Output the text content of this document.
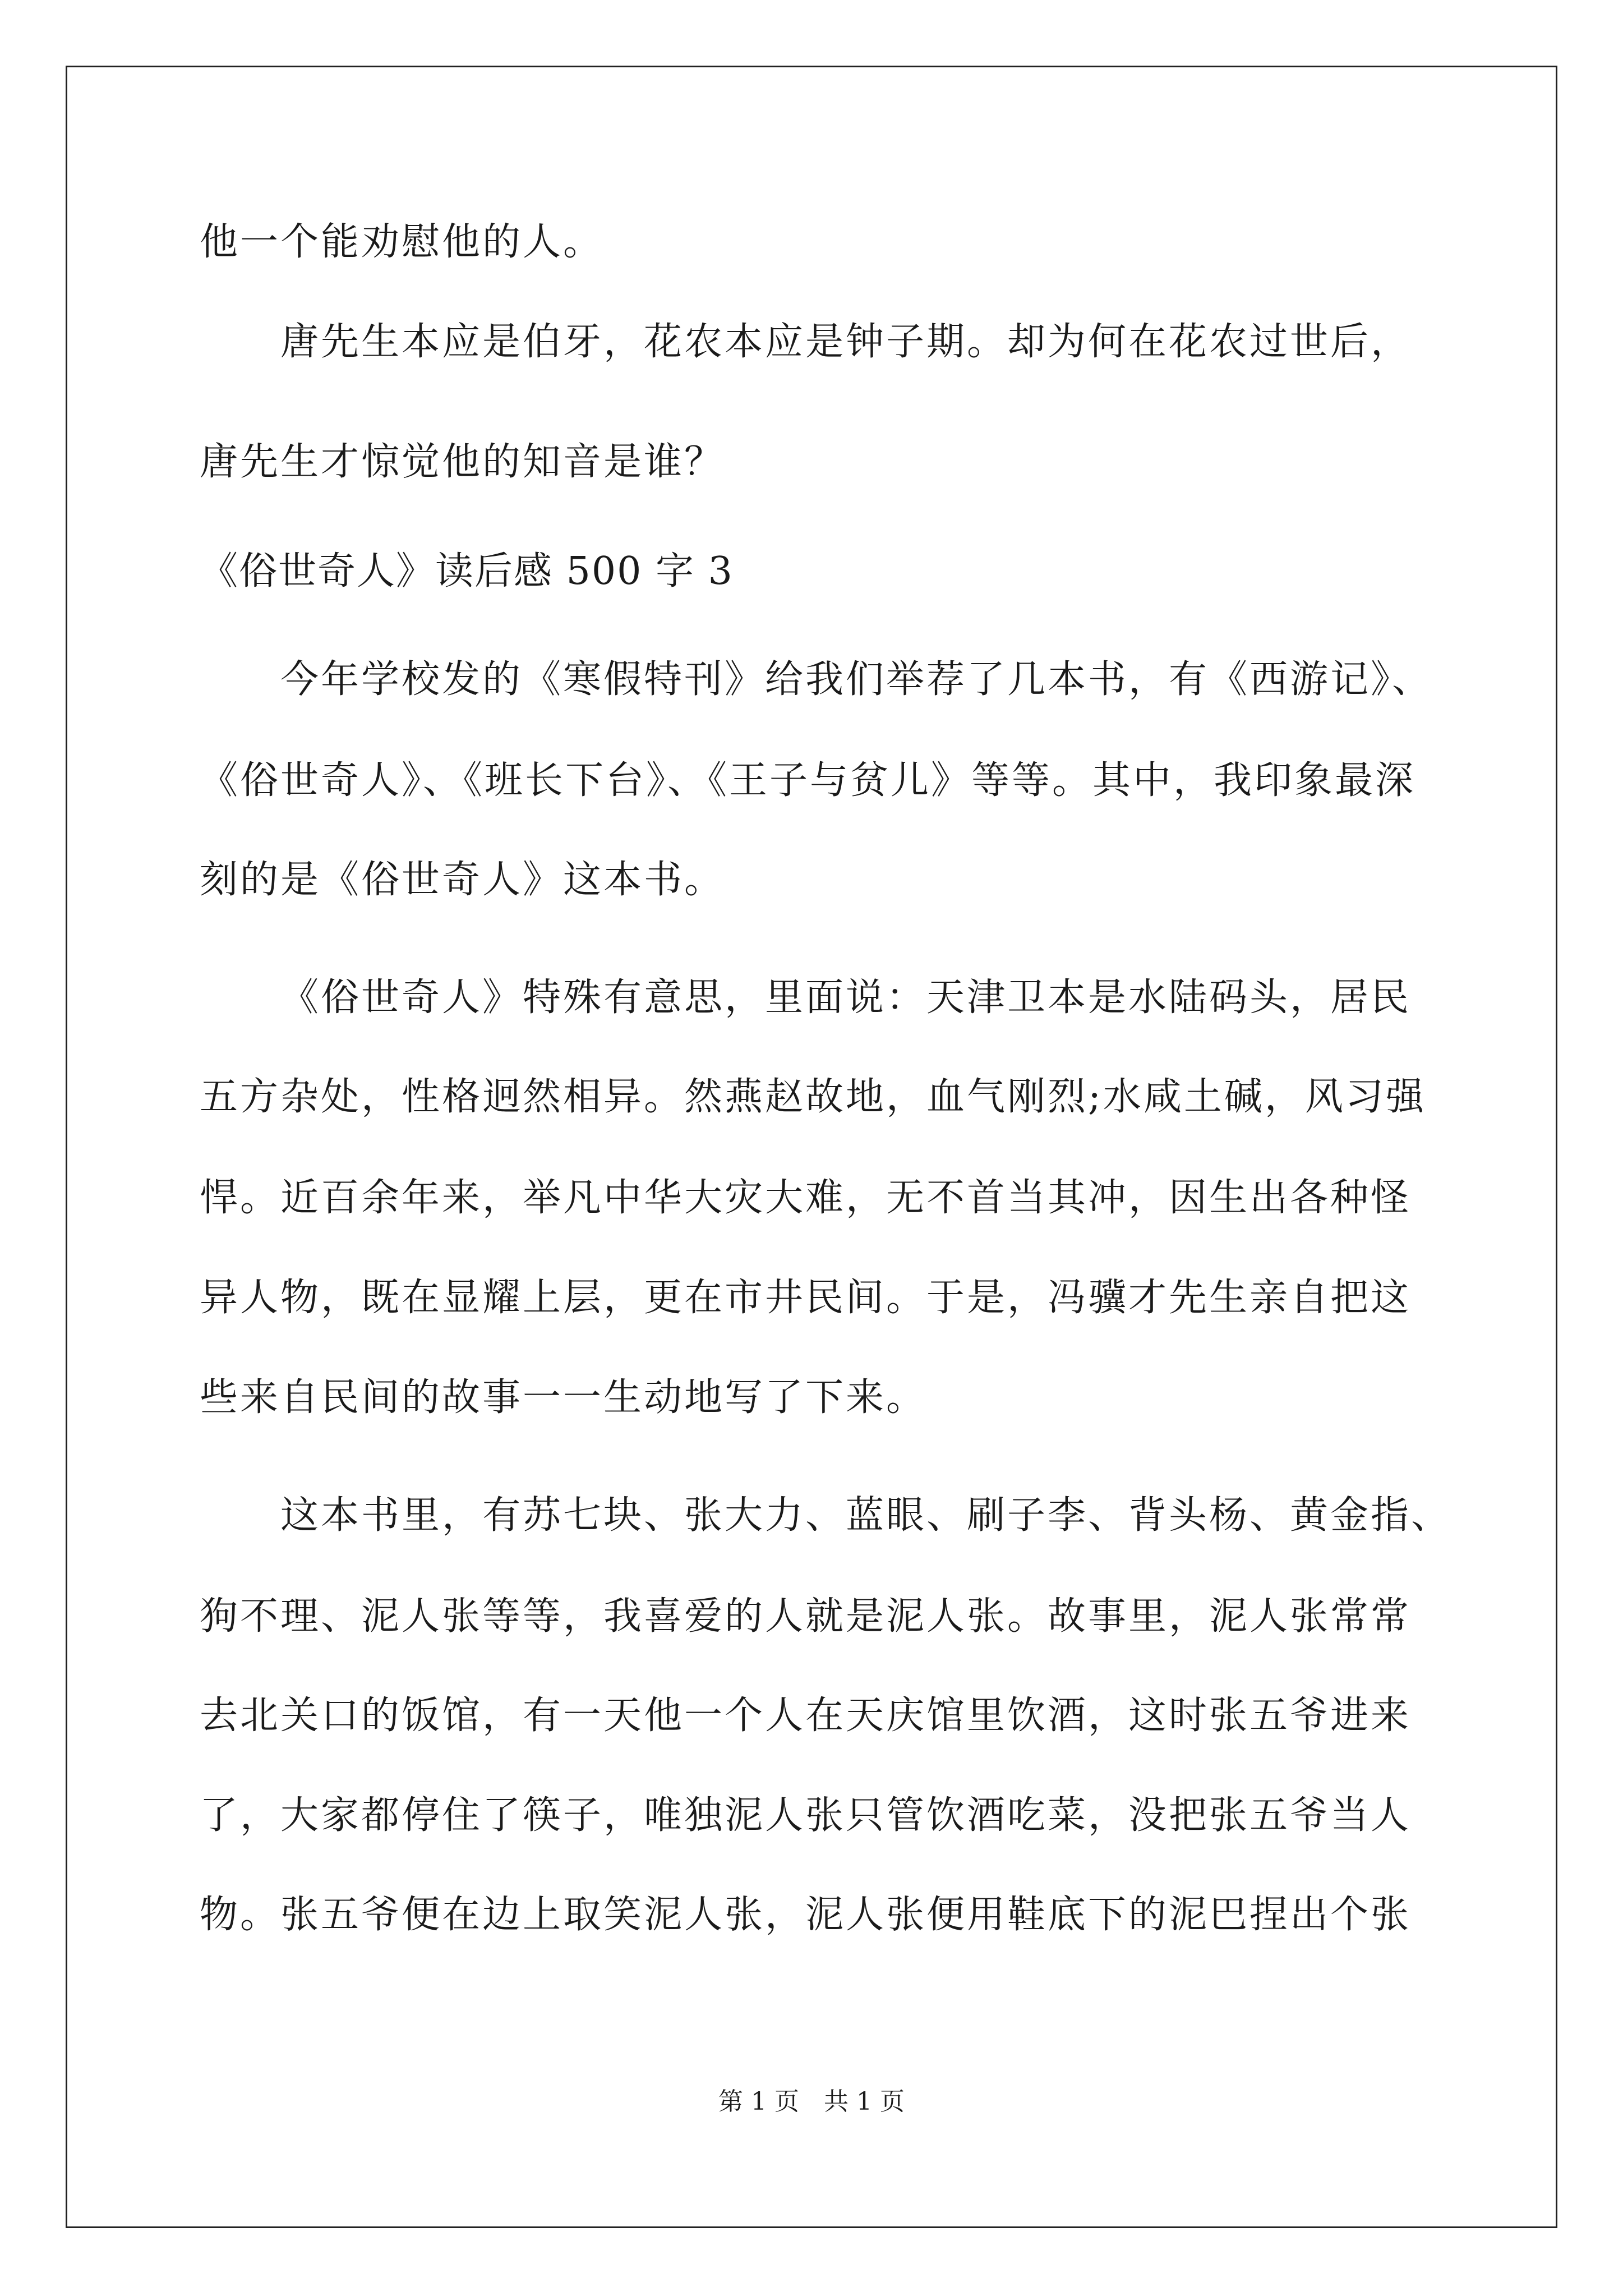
他一个能劝慰他的人。
唐先生本应是伯牙，花农本应是钟子期。却为何在花农过世后，
唐先生才惊觉他的知音是谁？
《俗世奇人》读后感 500 字 3
今年学校发的《寒假特刊》给我们举荐了几本书，有《西游记》、
《俗世奇人》、《班长下台》、《王子与贫儿》等等。其中，我印象最深
刻的是《俗世奇人》这本书。
《俗世奇人》特殊有意思，里面说：天津卫本是水陆码头，居民
五方杂处，性格迥然相异。然燕赵故地，血气刚烈;水咸土碱，风习强
悍。近百余年来，举凡中华大灾大难，无不首当其冲，因生出各种怪
异人物，既在显耀上层，更在市井民间。于是，冯骥才先生亲自把这
些来自民间的故事一一生动地写了下来。
这本书里，有苏七块、张大力、蓝眼、刷子李、背头杨、黄金指、
狗不理、泥人张等等，我喜爱的人就是泥人张。故事里，泥人张常常
去北关口的饭馆，有一天他一个人在天庆馆里饮酒，这时张五爷进来
了，大家都停住了筷子，唯独泥人张只管饮酒吃菜，没把张五爷当人
物。张五爷便在边上取笑泥人张，泥人张便用鞋底下的泥巴捏出个张
第 1 页　共 1 页
